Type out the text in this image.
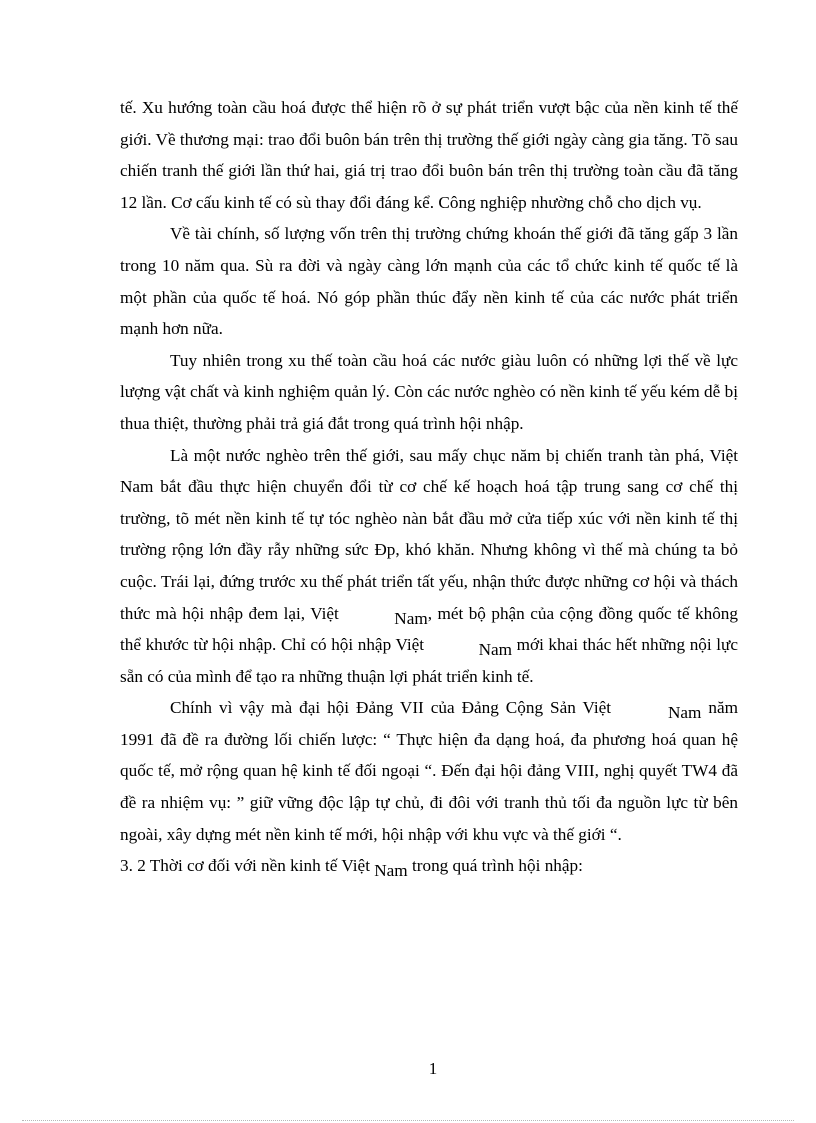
tế. Xu hướng toàn cầu hoá được thể hiện rõ ở sự phát triển vượt bậc của nền kinh tế thế giới. Về thương mại: trao đổi buôn bán trên thị trường thế giới ngày càng gia tăng. Tõ sau chiến tranh thế giới lần thứ hai, giá trị trao đổi buôn bán trên thị trường toàn cầu đã tăng 12 lần. Cơ cấu kinh tế có sù thay đổi đáng kể. Công nghiệp nhường chỗ cho dịch vụ.

Về tài chính, số lượng vốn trên thị trường chứng khoán thế giới đã tăng gấp 3 lần trong 10 năm qua. Sù ra đời và ngày càng lớn mạnh của các tổ chức kinh tế quốc tế là một phần của quốc tế hoá. Nó góp phần thúc đẩy nền kinh tế của các nước phát triển mạnh hơn nữa.

Tuy nhiên trong xu thế toàn cầu hoá các nước giàu luôn có những lợi thế về lực lượng vật chất và kinh nghiệm quản lý. Còn các nước nghèo có nền kinh tế yếu kém dễ bị thua thiệt, thường phải trả giá đắt trong quá trình hội nhập.

Là một nước nghèo trên thế giới, sau mấy chục năm bị chiến tranh tàn phá, Việt Nam bắt đầu thực hiện chuyển đổi từ cơ chế kế hoạch hoá tập trung sang cơ chế thị trường, tõ mét nền kinh tế tự tóc nghèo nàn bắt đầu mở cửa tiếp xúc với nền kinh tế thị trường rộng lớn đầy rẫy những sức Đp, khó khăn. Nhưng không vì thế mà chúng ta bỏ cuộc. Trái lại, đứng trước xu thế phát triển tất yếu, nhận thức được những cơ hội và thách thức mà hội nhập đem lại, Việt	Nam, mét bộ phận của cộng đồng quốc tế không thể khước từ hội nhập. Chỉ có hội nhập Việt	Nam mới khai thác hết những nội lực sẵn có của mình để tạo ra những thuận lợi phát triển kinh tế.

Chính vì vậy mà đại hội Đảng VII của Đảng Cộng Sản Việt	Nam năm 1991 đã đề ra đường lối chiến lược: “ Thực hiện đa dạng hoá, đa phương hoá quan hệ quốc tế, mở rộng quan hệ kinh tế đối ngoại “. Đến đại hội đảng VIII, nghị quyết TW4 đã đề ra nhiệm vụ: ” giữ vững độc lập tự chủ, đi đôi với tranh thủ tối đa nguồn lực từ bên ngoài, xây dựng mét nền kinh tế mới, hội nhập với khu vực và thế giới “.

3. 2 Thời cơ đối với nền kinh tế Việt Nam trong quá trình hội nhập:

1
